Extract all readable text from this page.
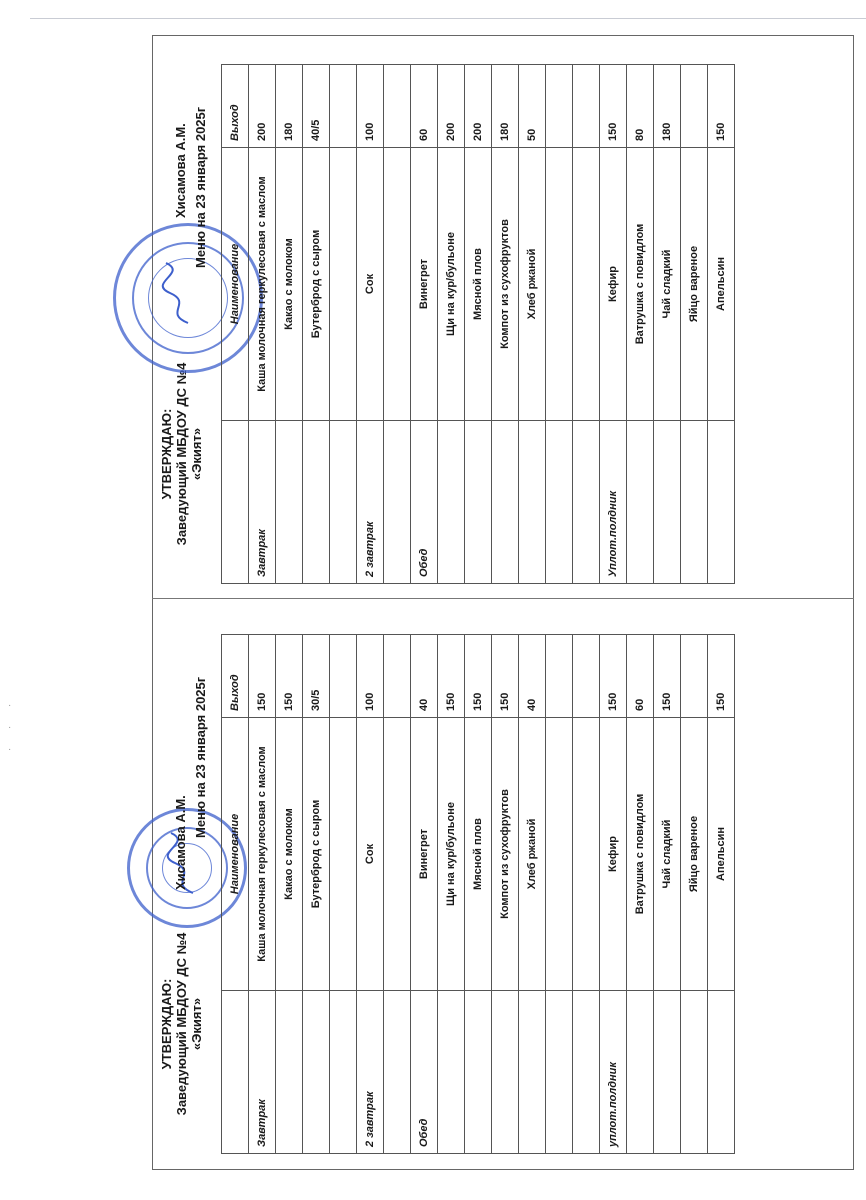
·

·

·
УТВЕРЖДАЮ: Заведующий МБДОУ ДС №4 «Экият»
Хисамова А.М.
Меню на 23 января 2025г
	Наименование	Выход
Завтрак	Каша молочная геркулесовая с маслом	150
	Какао с молоком	150
	Бутерброд с сыром	30/5

2 завтрак	Сок	100

Обед	Винегрет	40
	Щи на кур/бульоне	150
	Мясной плов	150
	Компот из сухофруктов	150
	Хлеб ржаной	40

уплот.полдник	Кефир	150
	Ватрушка с повидлом	60
	Чай сладкий	150
	Яйцо вареное	
	Апельсин	150
УТВЕРЖДАЮ: Заведующий МБДОУ ДС №4 «Экият»
Хисамова А.М. Меню на 23 января 2025г
	Наименование	Выход
Завтрак	Каша молочная геркулесовая с маслом	200
	Какао с молоком	180
	Бутерброд с сыром	40/5

2 завтрак	Сок	100

Обед	Винегрет	60
	Щи на кур/бульоне	200
	Мясной плов	200
	Компот из сухофруктов	180
	Хлеб ржаной	50

Уплот.полдник	Кефир	150
	Ватрушка с повидлом	80
	Чай сладкий	180
	Яйцо вареное	
	Апельсин	150
